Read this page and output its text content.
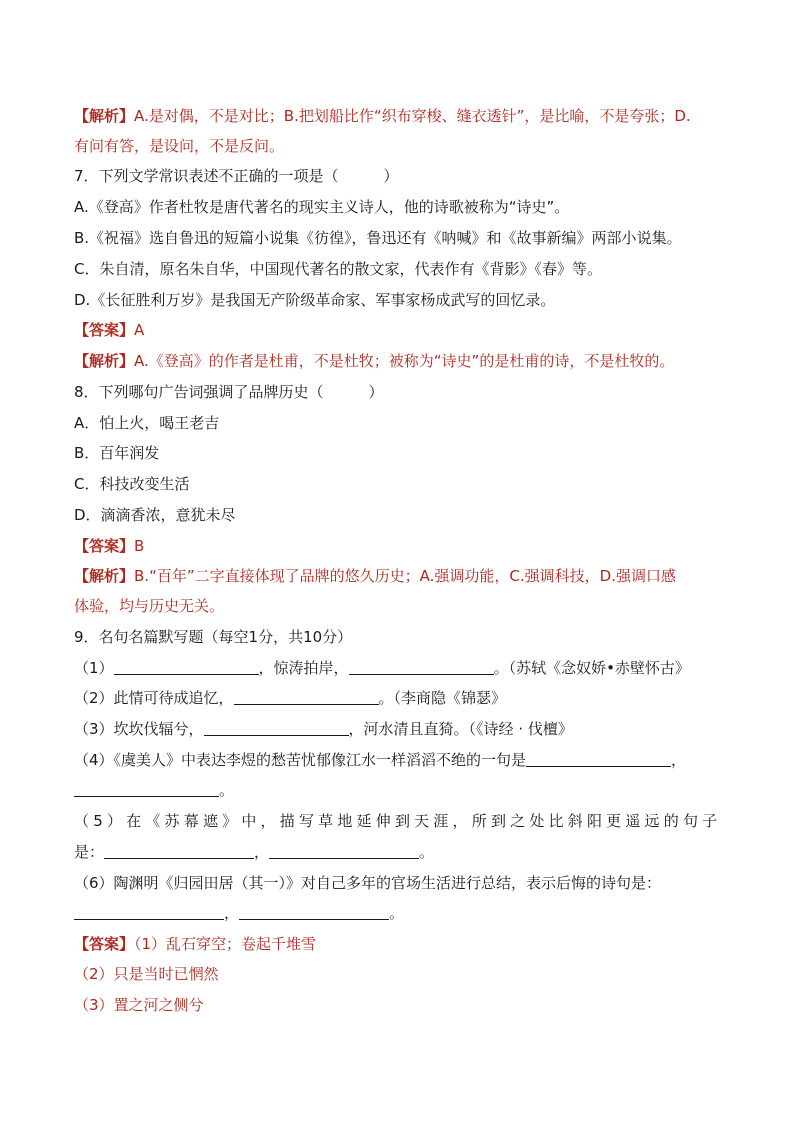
【解析】A.是对偶，不是对比；B.把划船比作“织布穿梭、缝衣透针”，是比喻，不是夸张；D.
有问有答，是设问，不是反问。
7．下列文学常识表述不正确的一项是（　　　）
A.《登高》作者杜牧是唐代著名的现实主义诗人，他的诗歌被称为“诗史”。
B.《祝福》选自鲁迅的短篇小说集《彷徨》，鲁迅还有《呐喊》和《故事新编》两部小说集。
C．朱自清，原名朱自华，中国现代著名的散文家，代表作有《背影》《春》等。
D.《长征胜利万岁》是我国无产阶级革命家、军事家杨成武写的回忆录。
【答案】A
【解析】A.《登高》的作者是杜甫，不是杜牧；被称为“诗史”的是杜甫的诗，不是杜牧的。
8．下列哪句广告词强调了品牌历史（　　　）
A．怕上火，喝王老吉
B．百年润发
C．科技改变生活
D．滴滴香浓，意犹未尽
【答案】B
【解析】B.“百年”二字直接体现了品牌的悠久历史；A.强调功能，C.强调科技，D.强调口感
体验，均与历史无关。
9．名句名篇默写题（每空1分，共10分）
（1）	，惊涛拍岸，	。（苏轼《念奴娇•赤壁怀古》
（2）此情可待成追忆，	。（李商隐《锦瑟》
（3）坎坎伐辐兮，	，河水清且直猗。（《诗经 · 伐檀》
（4）《虞美人》中表达李煜的愁苦忧郁像江水一样滔滔不绝的一句是	，
。
（5）在《苏幕遮》中，描写草地延伸到天涯，所到之处比斜阳更遥远的句子
是：	，	。
（6）陶渊明《归园田居（其一）》对自己多年的官场生活进行总结，表示后悔的诗句是：
，	。
【答案】（1）乱石穿空；卷起千堆雪
（2）只是当时已惘然
（3）置之河之侧兮
